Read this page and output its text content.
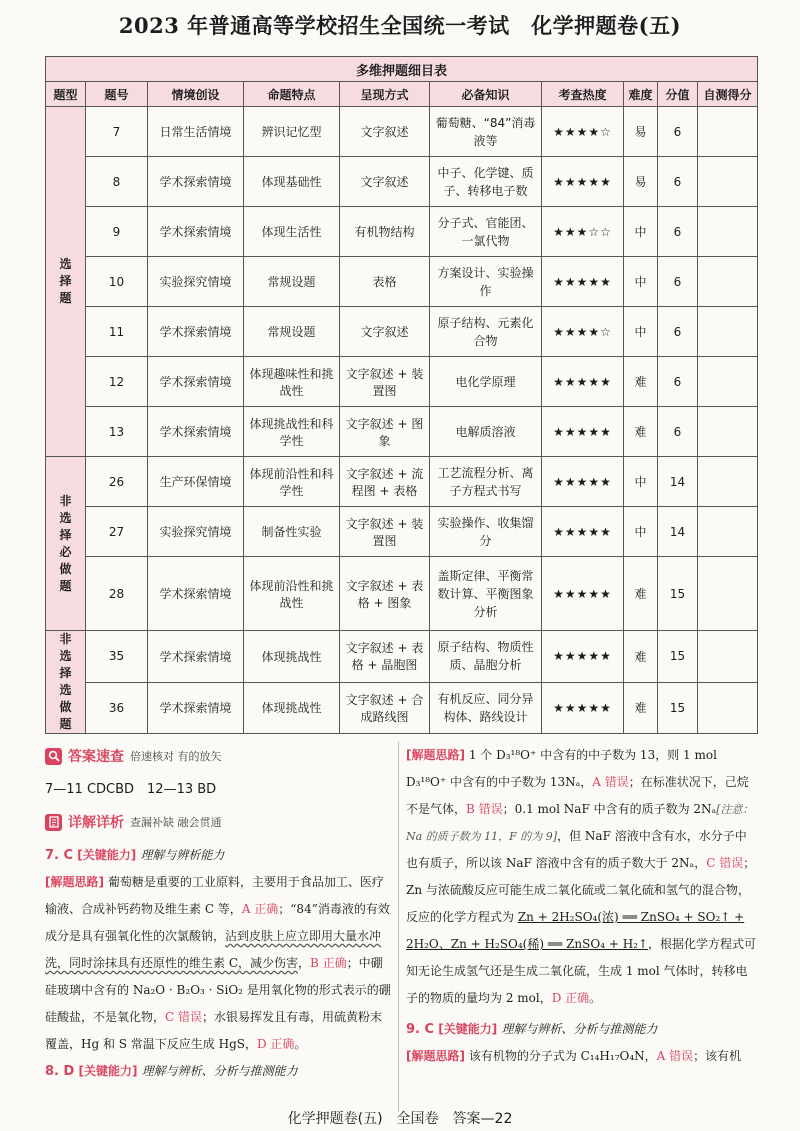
2023 年普通高等学校招生全国统一考试　化学押题卷(五)
多维押题细目表									
题型	题号	情境创设	命题特点	呈现方式	必备知识	考查热度	难度	分值	自测得分
选择题	7	日常生活情境	辨识记忆型	文字叙述	葡萄糖、“84”消毒液等	★★★★☆	易	6	
	8	学术探索情境	体现基础性	文字叙述	中子、化学键、质子、转移电子数	★★★★★	易	6	
	9	学术探索情境	体现生活性	有机物结构	分子式、官能团、一氯代物	★★★☆☆	中	6	
	10	实验探究情境	常规设题	表格	方案设计、实验操作	★★★★★	中	6	
	11	学术探索情境	常规设题	文字叙述	原子结构、元素化合物	★★★★☆	中	6	
	12	学术探索情境	体现趣味性和挑战性	文字叙述 + 装置图	电化学原理	★★★★★	难	6	
	13	学术探索情境	体现挑战性和科学性	文字叙述 + 图象	电解质溶液	★★★★★	难	6	
非选择必做题	26	生产环保情境	体现前沿性和科学性	文字叙述 + 流程图 + 表格	工艺流程分析、离子方程式书写	★★★★★	中	14	
	27	实验探究情境	制备性实验	文字叙述 + 装置图	实验操作、收集馏分	★★★★★	中	14	
	28	学术探索情境	体现前沿性和挑战性	文字叙述 + 表格 + 图象	盖斯定律、平衡常数计算、平衡图象分析	★★★★★	难	15	
非选择选做题	35	学术探索情境	体现挑战性	文字叙述 + 表格 + 晶胞图	原子结构、物质性质、晶胞分析	★★★★★	难	15	
	36	学术探索情境	体现挑战性	文字叙述 + 合成路线图	有机反应、同分异构体、路线设计	★★★★★	难	15	
答案速查 倍速核对 有的放矢
7—11 CDCBD　12—13 BD
详解详析 查漏补缺 融会贯通
7. C [关键能力] 理解与辨析能力
[解题思路] 葡萄糖是重要的工业原料，主要用于食品加工、医疗输液、合成补钙药物及维生素 C 等，A 正确；“84”消毒液的有效成分是具有强氧化性的次氯酸钠，沾到皮肤上应立即用大量水冲洗，同时涂抹具有还原性的维生素 C，减少伤害，B 正确；中硼硅玻璃中含有的 Na₂O · B₂O₃ · SiO₂ 是用氧化物的形式表示的硼硅酸盐，不是氧化物，C 错误；水银易挥发且有毒，用硫黄粉末覆盖，Hg 和 S 常温下反应生成 HgS，D 正确。
8. D [关键能力] 理解与辨析、分析与推测能力
[解题思路] 1 个 D₃¹⁸O⁺ 中含有的中子数为 13，则 1 mol D₃¹⁸O⁺ 中含有的中子数为 13Nₐ，A 错误；在标准状况下，己烷不是气体，B 错误；0.1 mol NaF 中含有的质子数为 2Nₐ[注意：Na 的质子数为 11，F 的为 9]，但 NaF 溶液中含有水，水分子中也有质子，所以该 NaF 溶液中含有的质子数大于 2Nₐ，C 错误；Zn 与浓硫酸反应可能生成二氧化硫或二氧化硫和氢气的混合物，反应的化学方程式为 Zn + 2H₂SO₄(浓) ══ ZnSO₄ + SO₂↑ + 2H₂O、Zn + H₂SO₄(稀) ══ ZnSO₄ + H₂↑，根据化学方程式可知无论生成氢气还是生成二氧化硫，生成 1 mol 气体时，转移电子的物质的量均为 2 mol，D 正确。
9. C [关键能力] 理解与辨析、分析与推测能力
[解题思路] 该有机物的分子式为 C₁₄H₁₇O₄N，A 错误；该有机
化学押题卷(五)　全国卷　答案—22
